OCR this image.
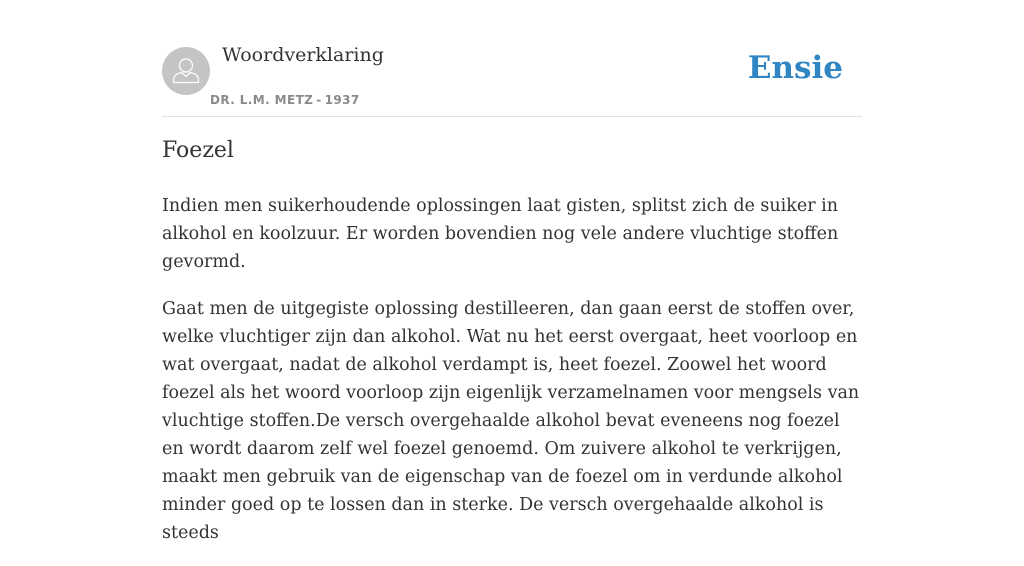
Woordverklaring
DR. L.M. METZ - 1937
Ensie
Foezel

Indien men suikerhoudende oplossingen laat gisten, splitst zich de suiker in alkohol en koolzuur. Er worden bovendien nog vele andere vluchtige stoffen gevormd.

Gaat men de uitgegiste oplossing destilleeren, dan gaan eerst de stoffen over, welke vluchtiger zijn dan alkohol. Wat nu het eerst overgaat, heet voorloop en wat overgaat, nadat de alkohol verdampt is, heet foezel. Zoowel het woord foezel als het woord voorloop zijn eigenlijk verzamelnamen voor mengsels van vluchtige stoffen.De versch overgehaalde alkohol bevat eveneens nog foezel en wordt daarom zelf wel foezel genoemd. Om zuivere alkohol te verkrijgen, maakt men gebruik van de eigenschap van de foezel om in verdunde alkohol minder goed op te lossen dan in sterke. De versch overgehaalde alkohol is steeds
